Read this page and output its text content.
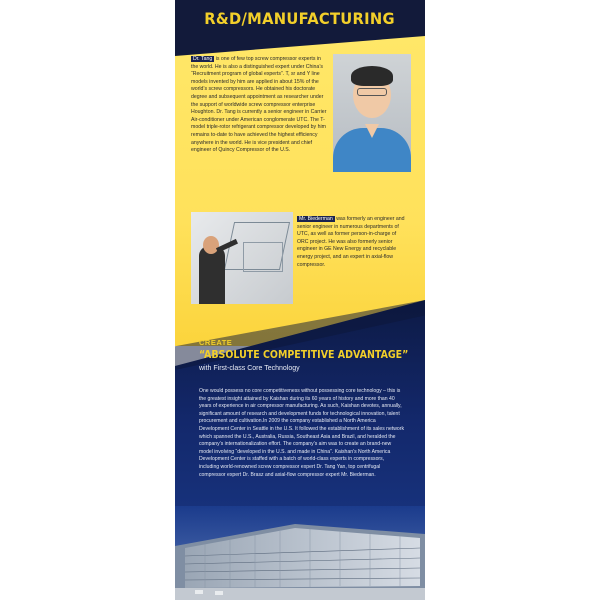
R&D/MANUFACTURING
Dr. Tang is one of few top screw compressor experts in the world. He is also a distinguished expert under China’s “Recruitment program of global experts”. T, sr and Y line models invented by him are applied in about 15% of the world’s screw compressors. He obtained his doctorate degree and subsequent appointment as researcher under the support of worldwide screw compressor enterprise Houghton. Dr. Tang is currently a senior engineer in Carrier Air-conditioner under American conglomerate UTC. The T-model triple-rotor refrigerant compressor developed by him remains to-date to have achieved the highest efficiency anywhere in the world. He is vice president and chief engineer of Quincy Compressor of the U.S.
Mr. Biederman was formerly an engineer and senior engineer in numerous departments of UTC, as well as former person-in-charge of ORC project. He was also formerly senior engineer in GE New Energy and recyclable energy project, and an expert in axial-flow compressor.
CREATE
“ABSOLUTE COMPETITIVE ADVANTAGE”
with First-class Core Technology
One would possess no core competitiveness without possessing core technology – this is the greatest insight attained by Kaishan during its 60 years of history and more than 40 years of experience in air compressor manufacturing. As such, Kaishan devotes, annually, significant amount of research and development funds for technological innovation, talent procurement and cultivation.In 2009 the company established a North America Development Center in Seattle in the U.S. It followed the establishment of its sales network which spanned the U.S., Australia, Russia, Southeast Asia and Brazil, and heralded the company’s internationalization effort. The company’s aim was to create an brand-new model involving “developed in the U.S. and made in China”. Kaishan’s North America Development Center is staffed with a batch of world-class experts in compressors, including world-renowned screw compressor expert Dr. Tang Yan, top centrifugal compressor expert Dr. Brasz and axial-flow compressor expert Mr. Biederman.
